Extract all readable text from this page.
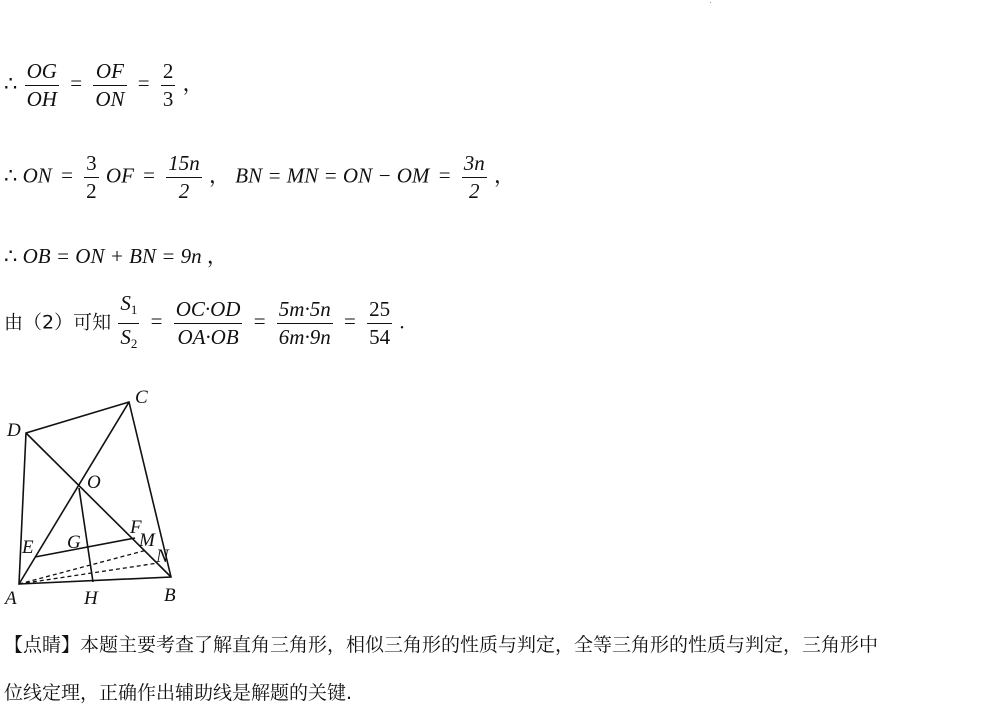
∴ $\frac{OG}{OH} = \frac{OF}{ON} = \frac{2}{3}$ ，
∴ ON = $\frac{3}{2}$ OF = $\frac{15n}{2}$ ， BN = MN = ON − OM = $\frac{3n}{2}$ ，
∴ OB = ON + BN = 9n ，
由（2）可知 $\frac{S_1}{S_2} = \frac{OC\cdot OD}{OA\cdot OB} = \frac{5m\cdot 5n}{6m\cdot 9n} = \frac{25}{54}$ .
A	B
C
D
O
E G
F
M
N
H
【点睛】本题主要考查了解直角三角形，相似三角形的性质与判定，全等三角形的性质与判定，三角形中
位线定理，正确作出辅助线是解题的关键.
